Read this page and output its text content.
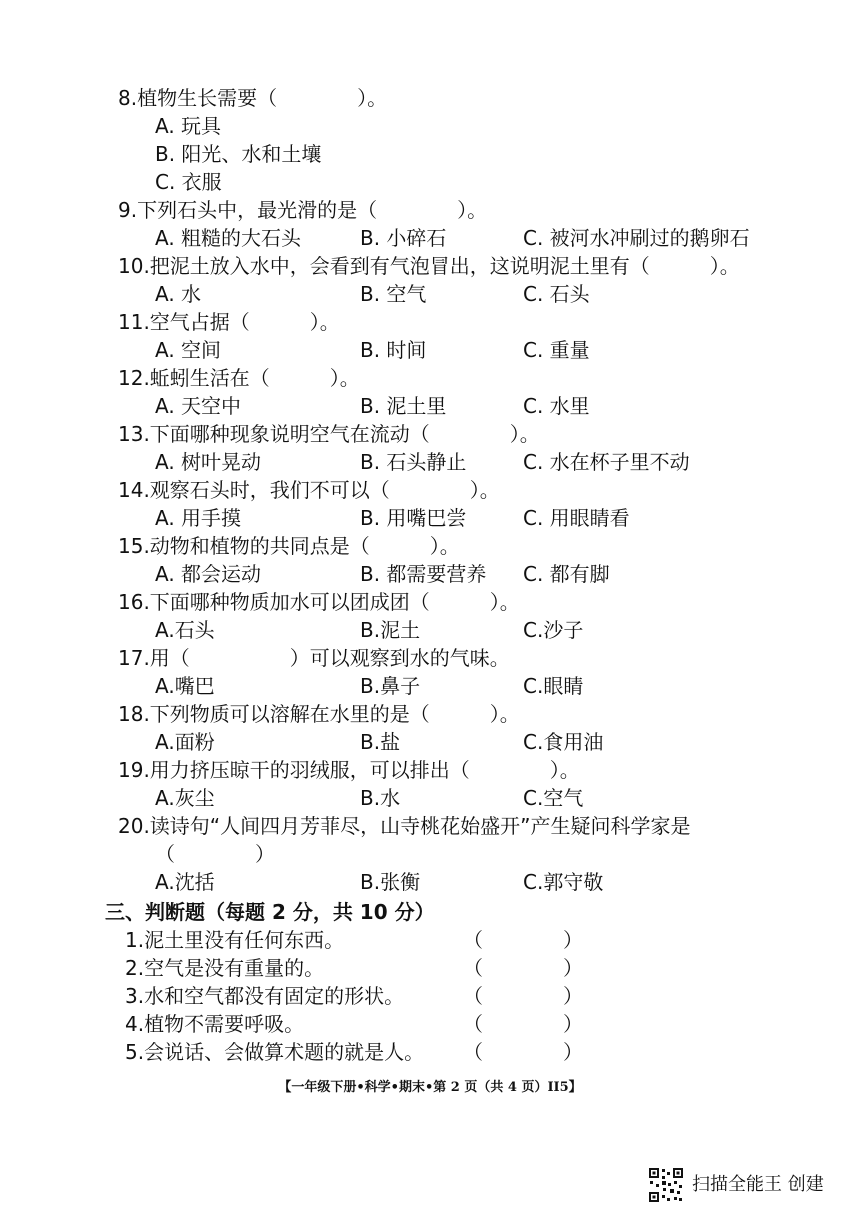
8.植物生长需要（　　　　）。
A. 玩具
B. 阳光、水和土壤
C. 衣服
9.下列石头中，最光滑的是（　　　　）。
A. 粗糙的大石头	B. 小碎石	C. 被河水冲刷过的鹅卵石
10.把泥土放入水中，会看到有气泡冒出，这说明泥土里有（　　　）。
A. 水	B. 空气	C. 石头
11.空气占据（　　　）。
A. 空间	B. 时间	C. 重量
12.蚯蚓生活在（　　　）。
A. 天空中	B. 泥土里	C. 水里
13.下面哪种现象说明空气在流动（　　　　）。
A. 树叶晃动	B. 石头静止	C. 水在杯子里不动
14.观察石头时，我们不可以（　　　　）。
A. 用手摸	B. 用嘴巴尝	C. 用眼睛看
15.动物和植物的共同点是（　　　）。
A. 都会运动	B. 都需要营养 C. 都有脚
16.下面哪种物质加水可以团成团（　　　）。
A.石头	B.泥土	C.沙子
17.用（　　　　　）可以观察到水的气味。
A.嘴巴	B.鼻子	C.眼睛
18.下列物质可以溶解在水里的是（　　　）。
A.面粉	B.盐	C.食用油
19.用力挤压晾干的羽绒服，可以排出（　　　　）。
A.灰尘	B.水	C.空气
20.读诗句“人间四月芳菲尽，山寺桃花始盛开”产生疑问科学家是
（　　　　）
A.沈括	B.张衡	C.郭守敬
三、判断题（每题 2 分，共 10 分）
1.泥土里没有任何东西。	（　　　　）
2.空气是没有重量的。	（　　　　）
3.水和空气都没有固定的形状。	（　　　　）
4.植物不需要呼吸。	（　　　　）
5.会说话、会做算术题的就是人。 （　　　　）
【一年级下册•科学•期末•第 2 页（共 4 页）II5】
扫描全能王 创建
